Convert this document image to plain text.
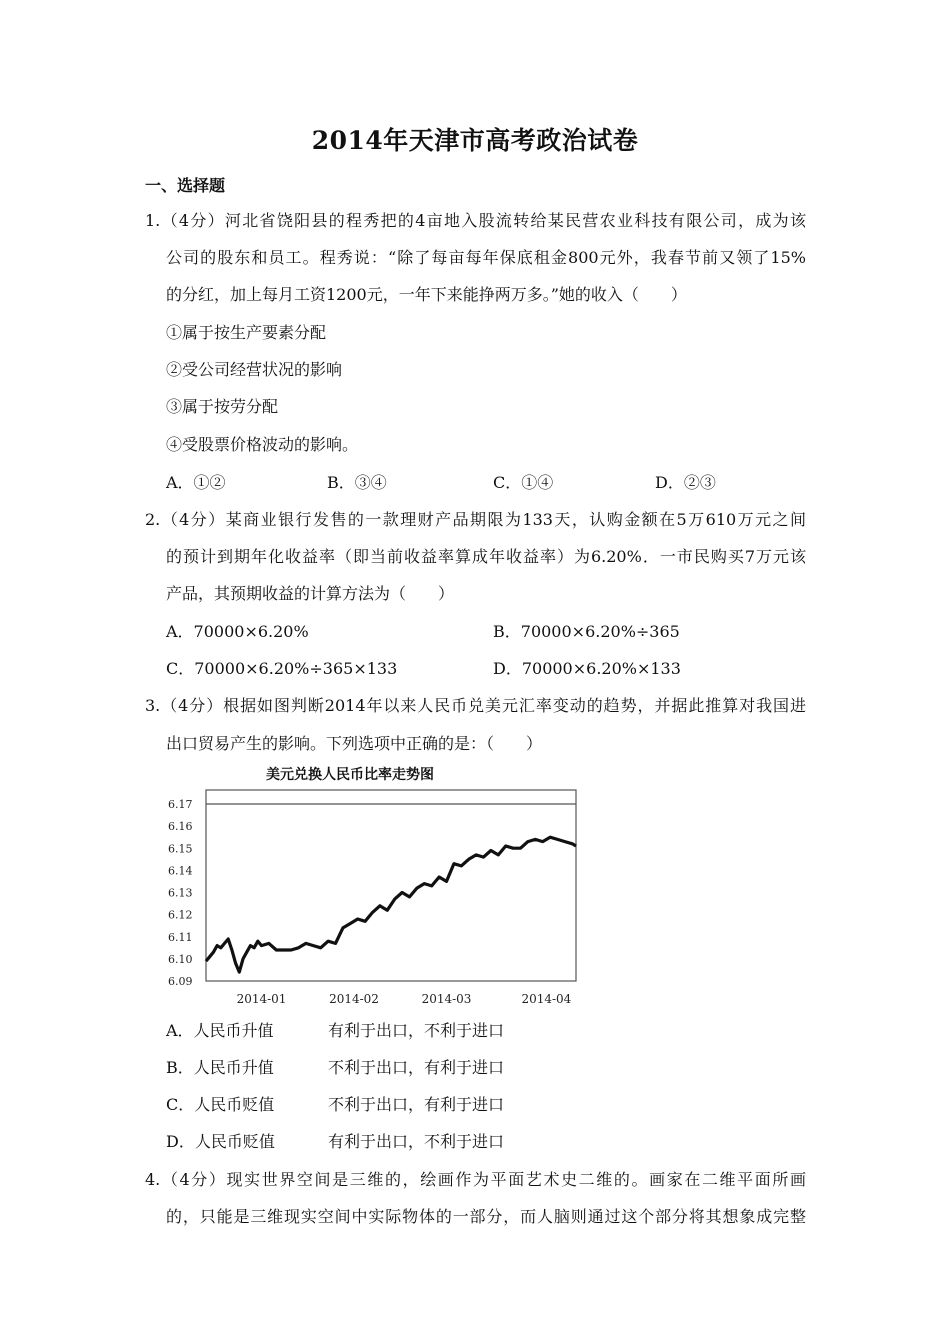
2014年天津市高考政治试卷
一、选择题
1.（4分）河北省饶阳县的程秀把的4亩地入股流转给某民营农业科技有限公司，成为该
公司的股东和员工。程秀说：“除了每亩每年保底租金800元外，我春节前又领了15%
的分红，加上每月工资1200元，一年下来能挣两万多。”她的收入（　　）
①属于按生产要素分配
②受公司经营状况的影响
③属于按劳分配
④受股票价格波动的影响。
A．①②	B．③④	C．①④	D．②③
2.（4分）某商业银行发售的一款理财产品期限为133天，认购金额在5万610万元之间
的预计到期年化收益率（即当前收益率算成年收益率）为6.20%．一市民购买7万元该
产品，其预期收益的计算方法为（　　）
A．70000×6.20%	B．70000×6.20%÷365
C．70000×6.20%÷365×133	D．70000×6.20%×133
3.（4分）根据如图判断2014年以来人民币兑美元汇率变动的趋势，并据此推算对我国进
出口贸易产生的影响。下列选项中正确的是：（　　）
美元兑换人民币比率走势图
6.17
6.16
6.15
6.14
6.13
6.12
6.11
6.10
6.09
2014-01	2014-02	2014-03	2014-04
A．人民币升值	有利于出口，不利于进口
B．人民币升值	不利于出口，有利于进口
C．人民币贬值	不利于出口，有利于进口
D．人民币贬值	有利于出口，不利于进口
4.（4分）现实世界空间是三维的，绘画作为平面艺术史二维的。画家在二维平面所画
的，只能是三维现实空间中实际物体的一部分，而人脑则通过这个部分将其想象成完整
